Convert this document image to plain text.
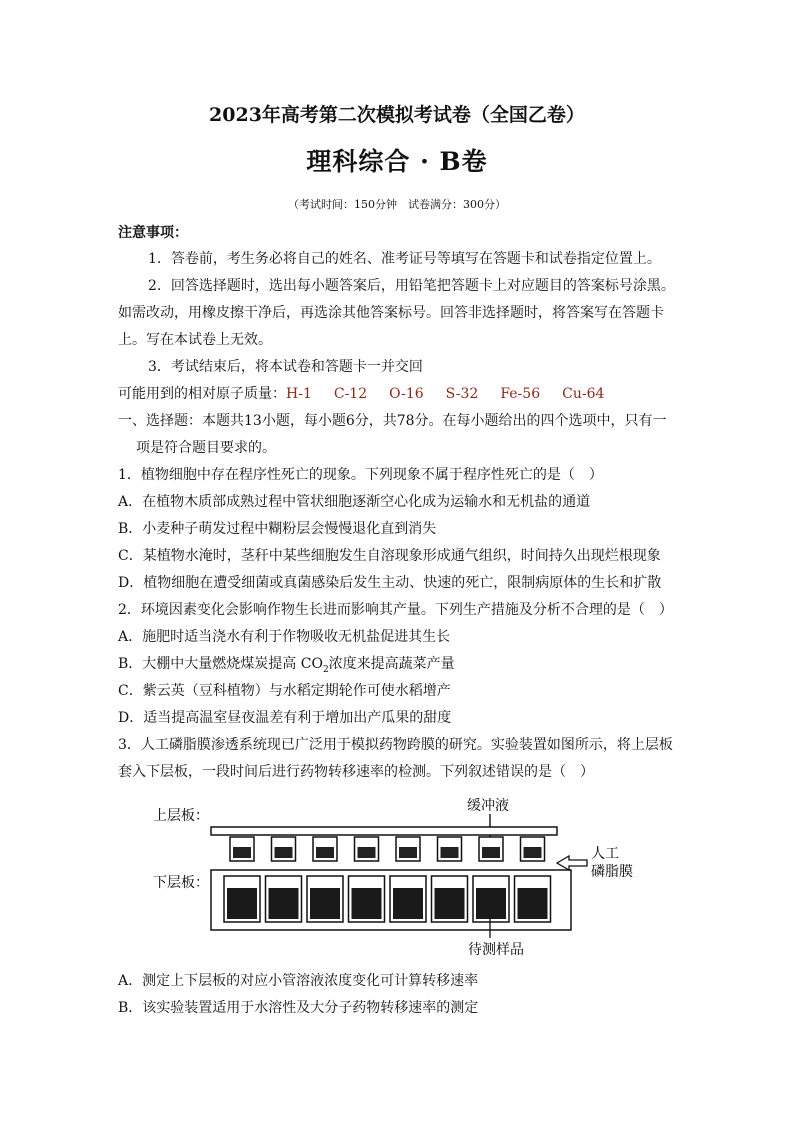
2023年高考第二次模拟考试卷（全国乙卷）
理科综合 · B卷
（考试时间：150分钟　试卷满分：300分）
注意事项：
1．答卷前，考生务必将自己的姓名、准考证号等填写在答题卡和试卷指定位置上。
2．回答选择题时，选出每小题答案后，用铅笔把答题卡上对应题目的答案标号涂黑。
如需改动，用橡皮擦干净后，再选涂其他答案标号。回答非选择题时，将答案写在答题卡
上。写在本试卷上无效。
3．考试结束后，将本试卷和答题卡一并交回
可能用到的相对原子质量：H-1 C-12 O-16 S-32 Fe-56 Cu-64
一、选择题：本题共13小题，每小题6分，共78分。在每小题给出的四个选项中，只有一
项是符合题目要求的。
1．植物细胞中存在程序性死亡的现象。下列现象不属于程序性死亡的是（　）
A．在植物木质部成熟过程中管状细胞逐渐空心化成为运输水和无机盐的通道
B．小麦种子萌发过程中糊粉层会慢慢退化直到消失
C．某植物水淹时，茎秆中某些细胞发生自溶现象形成通气组织，时间持久出现烂根现象
D．植物细胞在遭受细菌或真菌感染后发生主动、快速的死亡，限制病原体的生长和扩散
2．环境因素变化会影响作物生长进而影响其产量。下列生产措施及分析不合理的是（　）
A．施肥时适当浇水有利于作物吸收无机盐促进其生长
B．大棚中大量燃烧煤炭提高 $CO_2$浓度来提高蔬菜产量
C．紫云英（豆科植物）与水稻定期轮作可使水稻增产
D．适当提高温室昼夜温差有利于增加出产瓜果的甜度
3．人工磷脂膜渗透系统现已广泛用于模拟药物跨膜的研究。实验装置如图所示，将上层板
套入下层板，一段时间后进行药物转移速率的检测。下列叙述错误的是（　）
上层板：
下层板：
缓冲液
人工
磷脂膜
待测样品
A．测定上下层板的对应小管溶液浓度变化可计算转移速率
B．该实验装置适用于水溶性及大分子药物转移速率的测定
